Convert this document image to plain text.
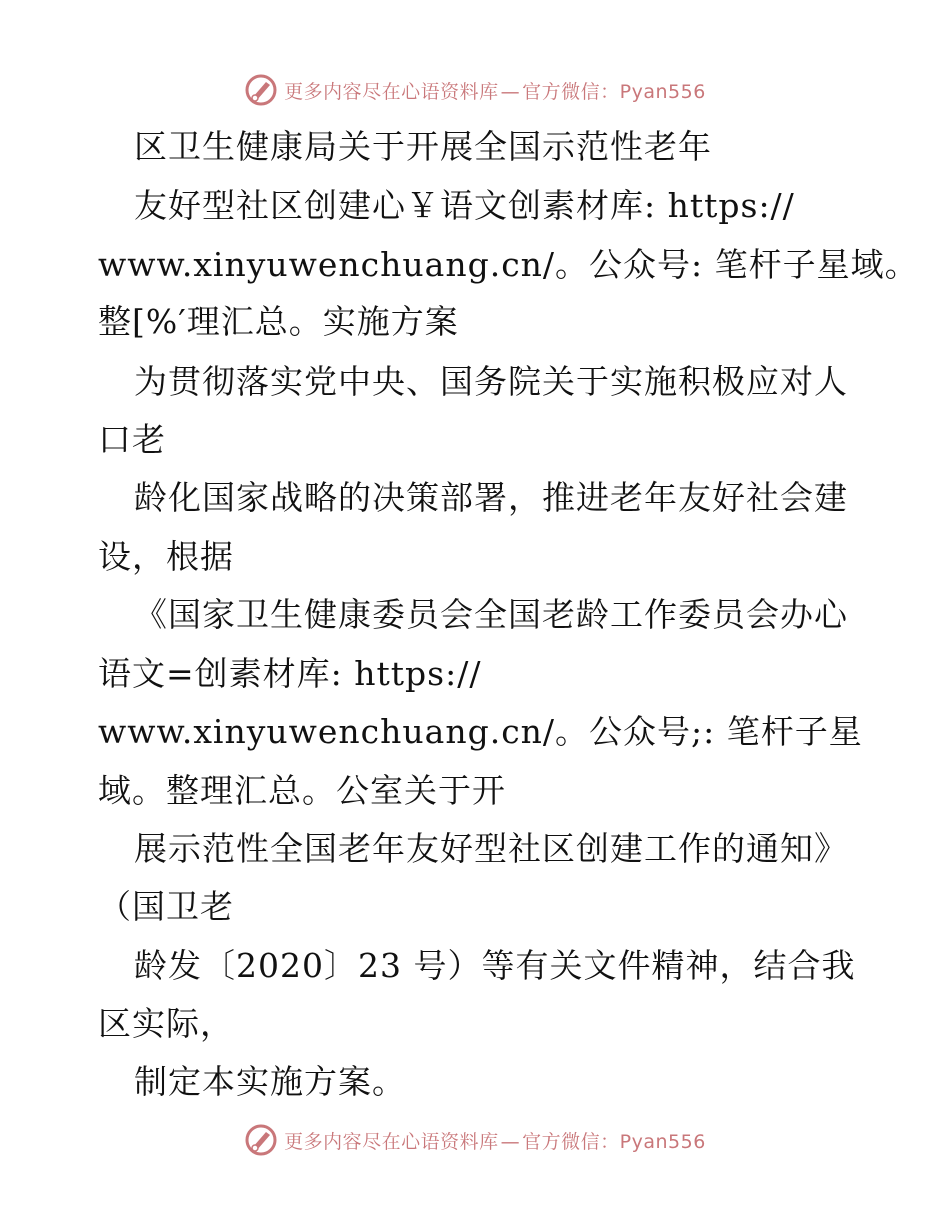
更多内容尽在心语资料库 — 官方微信：Pyan556
区卫生健康局关于开展全国示范性老年
友好型社区创建心￥语文创素材库: https://
www.xinyuwenchuang.cn/。公众号: 笔杆子星域。
整[%′理汇总。实施方案
为贯彻落实党中央、国务院关于实施积极应对人
口老
龄化国家战略的决策部署，推进老年友好社会建
设，根据
《国家卫生健康委员会全国老龄工作委员会办心
语文=创素材库: https://
www.xinyuwenchuang.cn/。公众号;: 笔杆子星
域。整理汇总。公室关于开
展示范性全国老年友好型社区创建工作的通知》
（国卫老
龄发〔2020〕23 号）等有关文件精神，结合我
区实际，
制定本实施方案。
更多内容尽在心语资料库 — 官方微信：Pyan556
